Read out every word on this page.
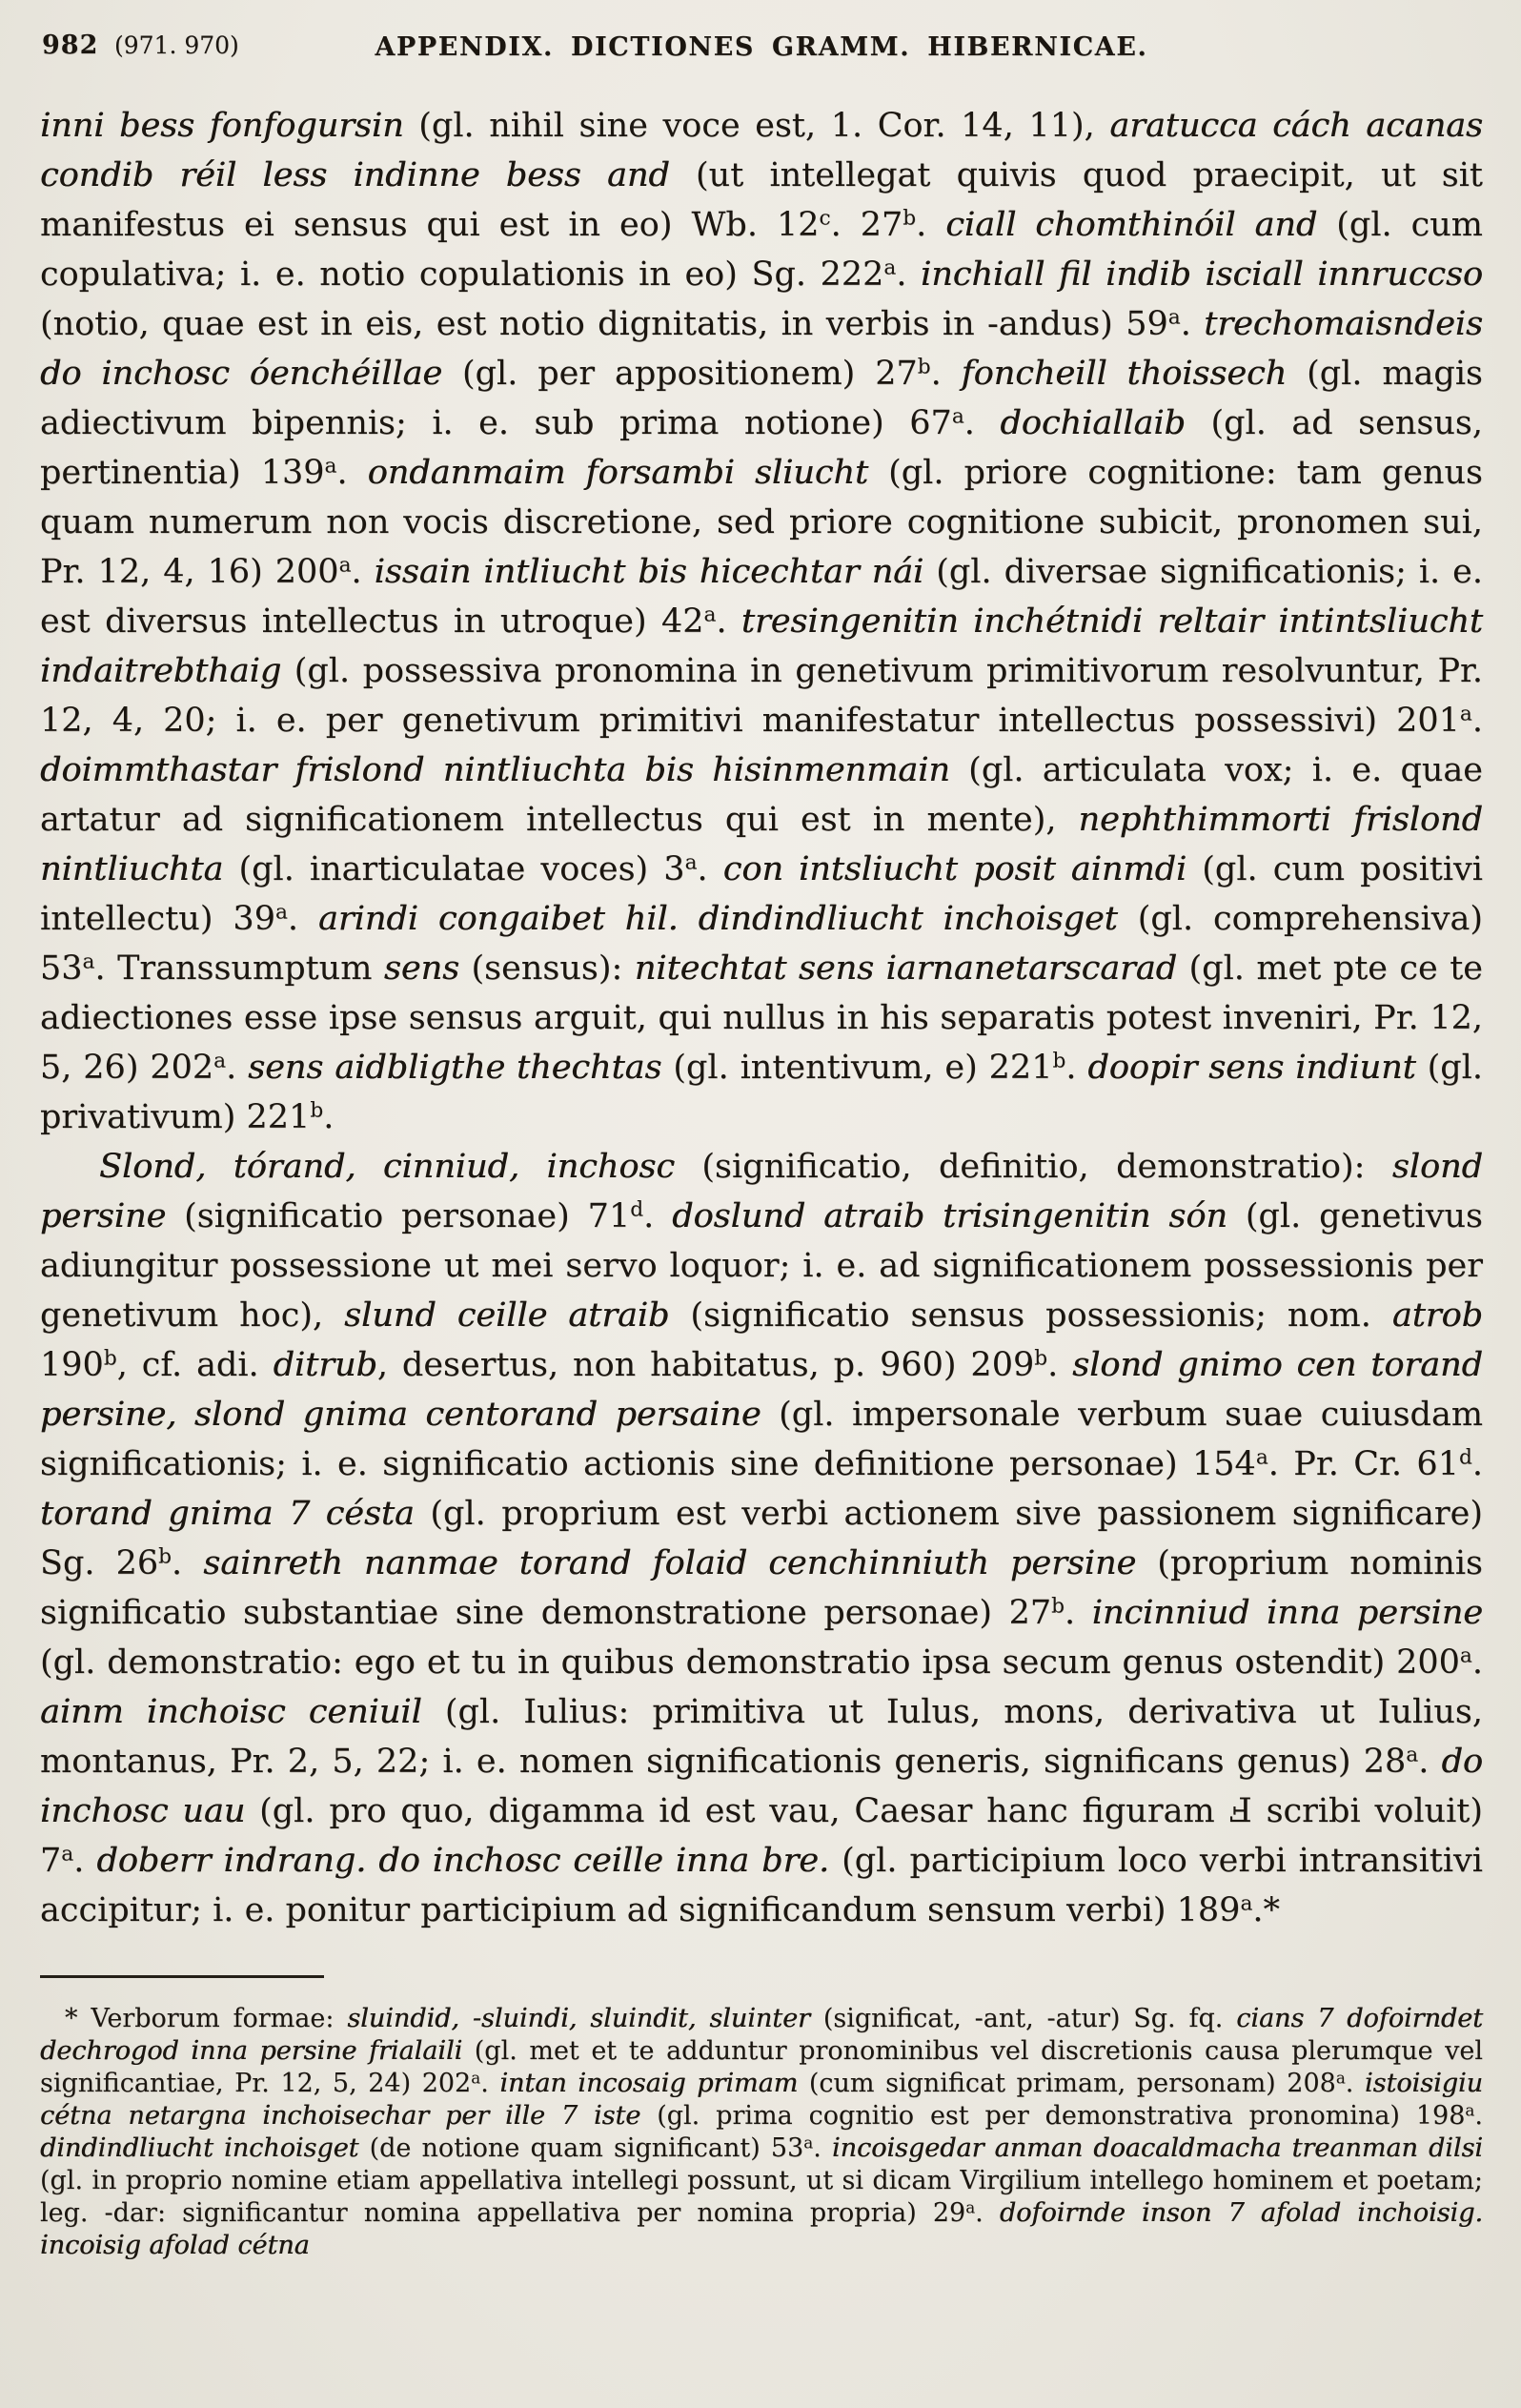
982 (971. 970)	APPENDIX. DICTIONES GRAMM. HIBERNICAE.

inni bess fonfogursin (gl. nihil sine voce est, 1. Cor. 14, 11), aratucca cách acanas condib réil less indinne bess and (ut intellegat quivis quod praecipit, ut sit manifestus ei sensus qui est in eo) Wb. 12$^c$. 27$^b$. ciall chomthinóil and (gl. cum copulativa; i. e. notio copulationis in eo) Sg. 222$^a$. inchiall fil indib isciall innruccso (notio, quae est in eis, est notio dignitatis, in verbis in -andus) 59$^a$. trechomaisndeis do inchosc óenchéillae (gl. per appositionem) 27$^b$. foncheill thoissech (gl. magis adiectivum bipennis; i. e. sub prima notione) 67$^a$. dochiallaib (gl. ad sensus, pertinentia) 139$^a$. ondanmaim forsambi sliucht (gl. priore cognitione: tam genus quam numerum non vocis discretione, sed priore cognitione subicit, pronomen sui, Pr. 12, 4, 16) 200$^a$. issain intliucht bis hicechtar nái (gl. diversae significationis; i. e. est diversus intellectus in utroque) 42$^a$. tresingenitin inchétnidi reltair intintsliucht indaitrebthaig (gl. possessiva pronomina in genetivum primitivorum resolvuntur, Pr. 12, 4, 20; i. e. per genetivum primitivi manifestatur intellectus possessivi) 201$^a$. doimmthastar frislond nintliuchta bis hisinmenmain (gl. articulata vox; i. e. quae artatur ad significationem intellectus qui est in mente), nephthimmorti frislond nintliuchta (gl. inarticulatae voces) 3$^a$. con intsliucht posit ainmdi (gl. cum positivi intellectu) 39$^a$. arindi congaibet hil. dindindliucht inchoisget (gl. comprehensiva) 53$^a$. Transsumptum sens (sensus): nitechtat sens iarnanetarscarad (gl. met pte ce te adiectiones esse ipse sensus arguit, qui nullus in his separatis potest inveniri, Pr. 12, 5, 26) 202$^a$. sens aidbligthe thechtas (gl. intentivum, e) 221$^b$. doopir sens indiunt (gl. privativum) 221$^b$.

Slond, tórand, cinniud, inchosc (significatio, definitio, demonstratio): slond persine (significatio personae) 71$^d$. doslund atraib trisingenitin són (gl. genetivus adiungitur possessione ut mei servo loquor; i. e. ad significationem possessionis per genetivum hoc), slund ceille atraib (significatio sensus possessionis; nom. atrob 190$^b$, cf. adi. ditrub, desertus, non habitatus, p. 960) 209$^b$. slond gnimo cen torand persine, slond gnima centorand persaine (gl. impersonale verbum suae cuiusdam significationis; i. e. significatio actionis sine definitione personae) 154$^a$. Pr. Cr. 61$^d$. torand gnima 7 césta (gl. proprium est verbi actionem sive passionem significare) Sg. 26$^b$. sainreth nanmae torand folaid cenchinniuth persine (proprium nominis significatio substantiae sine demonstratione personae) 27$^b$. incinniud inna persine (gl. demonstratio: ego et tu in quibus demonstratio ipsa secum genus ostendit) 200$^a$. ainm inchoisc ceniuil (gl. Iulius: primitiva ut Iulus, mons, derivativa ut Iulius, montanus, Pr. 2, 5, 22; i. e. nomen significationis generis, significans genus) 28$^a$. do inchosc uau (gl. pro quo, digamma id est vau, Caesar hanc figuram Ⅎ scribi voluit) 7$^a$. doberr indrang. do inchosc ceille inna bre. (gl. participium loco verbi intransitivi accipitur; i. e. ponitur participium ad significandum sensum verbi) 189$^a$.*

* Verborum formae: sluindid, -sluindi, sluindit, sluinter (significat, -ant, -atur) Sg. fq. cians 7 dofoirndet dechrogod inna persine frialaili (gl. met et te adduntur pronominibus vel discretionis causa plerumque vel significantiae, Pr. 12, 5, 24) 202$^a$. intan incosaig primam (cum significat primam, personam) 208$^a$. istoisigiu cétna netargna inchoisechar per ille 7 iste (gl. prima cognitio est per demonstrativa pronomina) 198$^a$. dindindliucht inchoisget (de notione quam significant) 53$^a$. incoisgedar anman doacaldmacha treanman dilsi (gl. in proprio nomine etiam appellativa intellegi possunt, ut si dicam Virgilium intellego hominem et poetam; leg. -dar: significantur nomina appellativa per nomina propria) 29$^a$. dofoirnde inson 7 afolad inchoisig. incoisig afolad cétna
